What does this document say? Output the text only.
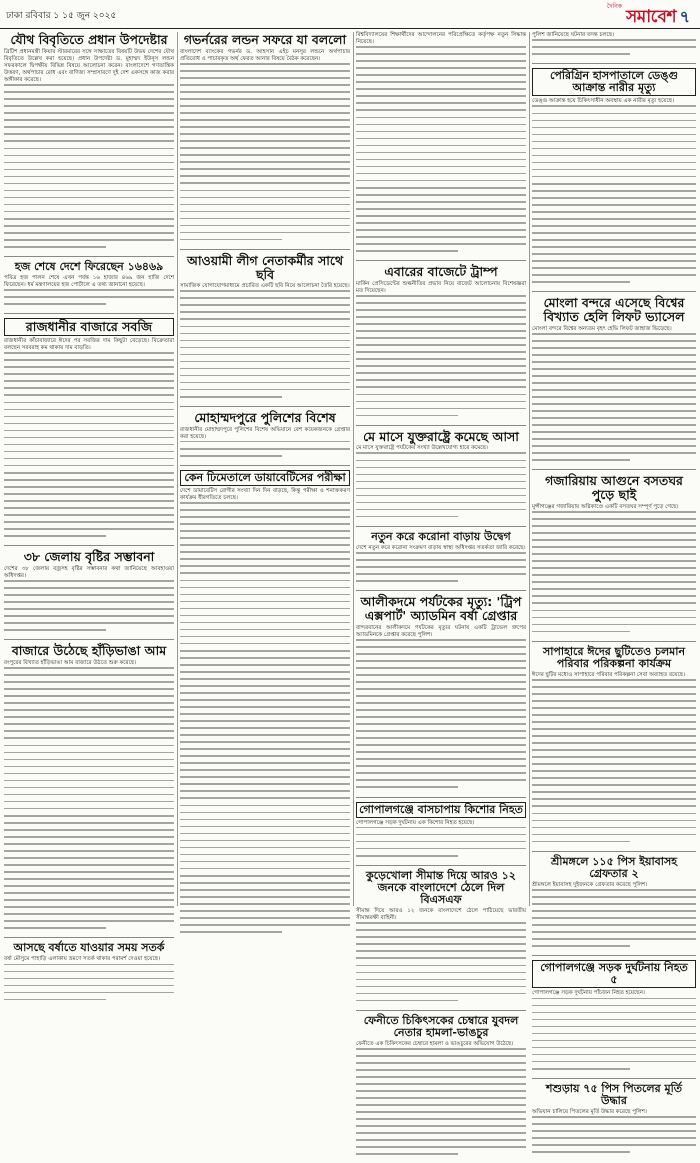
ঢাকা রবিবার ১ ১৫ জুন ২০২৫
দৈনিক
সমাবেশ ৭
যৌথ বিবৃতিতে প্রধান উপদেষ্টার
ব্রিটিশ প্রধানমন্ত্রী কিয়ার স্টারমারের সঙ্গে সাক্ষাতের বিষয়টি উভয় দেশের যৌথ বিবৃতিতে উল্লেখ করা হয়েছে। প্রধান উপদেষ্টা ড. মুহাম্মদ ইউনূস লন্ডন সফরকালে দ্বিপক্ষীয় বিভিন্ন বিষয়ে আলোচনা করেন। বাংলাদেশে গণতান্ত্রিক উত্তরণ, অর্থপাচার রোধ এবং বাণিজ্য সম্প্রসারণে দুই দেশ একসঙ্গে কাজ করার অঙ্গীকার করেছে।
হজ শেষে দেশে ফিরেছেন ১৬৪৬৯
পবিত্র হজ পালন শেষে এখন পর্যন্ত ১৬ হাজার ৪৬৯ জন হাজি দেশে ফিরেছেন। ধর্ম মন্ত্রণালয়ের হজ পোর্টালে এ তথ্য জানানো হয়েছে।
রাজধানীর বাজারে সবজি
রাজধানীর কাঁচাবাজারে ঈদের পর সবজির দাম কিছুটা বেড়েছে। বিক্রেতারা বলছেন সরবরাহ কম থাকায় দাম বাড়তি।
৩৮ জেলায় বৃষ্টির সম্ভাবনা
দেশের ৩৮ জেলায় বজ্রসহ বৃষ্টির সম্ভাবনার কথা জানিয়েছে আবহাওয়া অধিদপ্তর।
বাজারে উঠেছে হাঁড়িভাঙা আম
রংপুরের বিখ্যাত হাঁড়িভাঙা আম বাজারে উঠতে শুরু করেছে।
আসছে বর্ষাতে যাওয়ার সময় সতর্ক
বর্ষা মৌসুমে পাহাড়ি এলাকায় ভ্রমণে সতর্ক থাকার পরামর্শ দেওয়া হয়েছে।
গভর্নরের লন্ডন সফরে যা বললো
বাংলাদেশ ব্যাংকের গভর্নর ড. আহসান এইচ মনসুর লন্ডনে অর্থপাচার প্রতিরোধ ও পাচারকৃত অর্থ ফেরত আনার বিষয়ে বৈঠক করেছেন।
আওয়ামী লীগ নেতাকর্মীর সাথে ছবি
সামাজিক যোগাযোগমাধ্যমে প্রচারিত একটি ছবি নিয়ে আলোচনা তৈরি হয়েছে।
মোহাম্মদপুরে পুলিশের বিশেষ
রাজধানীর মোহাম্মদপুরে পুলিশের বিশেষ অভিযানে বেশ কয়েকজনকে গ্রেপ্তার করা হয়েছে।
কেন ঢিমেতালে ডায়াবেটিসের পরীক্ষা
দেশে ডায়াবেটিস রোগীর সংখ্যা দিন দিন বাড়ছে, কিন্তু পরীক্ষা ও শনাক্তকরণ কার্যক্রম ধীরগতিতে চলছে।
বিশ্ববিদ্যালয়ের শিক্ষার্থীদের আন্দোলনের পরিপ্রেক্ষিতে কর্তৃপক্ষ নতুন সিদ্ধান্ত নিয়েছে।
এবারের বাজেটে ট্রাম্প
মার্কিন প্রেসিডেন্টের শুল্কনীতির প্রভাব নিয়ে বাজেট আলোচনায় বিশেষজ্ঞরা মত দিয়েছেন।
মে মাসে যুক্তরাষ্ট্রে কমেছে আসা
মে মাসে যুক্তরাষ্ট্রে পর্যটকের সংখ্যা উল্লেখযোগ্য হারে কমেছে।
নতুন করে করোনা বাড়ায় উদ্বেগ
দেশে নতুন করে করোনা সংক্রমণ বাড়ায় স্বাস্থ্য অধিদপ্তর সতর্কতা জারি করেছে।
আলীকদমে পর্যটকের মৃত্যু: 'ট্রিপ এক্সপার্ট' অ্যাডমিন বর্ষা গ্রেপ্তার
বান্দরবানের আলীকদমে পর্যটকের মৃত্যুর ঘটনায় একটি ট্রাভেল গ্রুপের অ্যাডমিনকে গ্রেপ্তার করেছে পুলিশ।
গোপালগঞ্জে বাসচাপায় কিশোর নিহত
গোপালগঞ্জে সড়ক দুর্ঘটনায় এক কিশোর নিহত হয়েছে।
কুড়েখোলা সীমান্ত দিয়ে আরও ১২ জনকে বাংলাদেশে ঠেলে দিল বিএসএফ
সীমান্ত দিয়ে আরও ১২ জনকে বাংলাদেশে ঠেলে পাঠিয়েছে ভারতীয় সীমান্তরক্ষী বাহিনী।
ফেনীতে চিকিৎসকের চেম্বারে যুবদল নেতার হামলা-ভাঙচুর
ফেনীতে এক চিকিৎসকের চেম্বারে হামলা ও ভাঙচুরের অভিযোগ উঠেছে।
পুলিশ জানিয়েছে ঘটনার তদন্ত চলছে।
পেরিগ্রিন হাসপাতালে ডেঙ্গু আক্রান্ত নারীর মৃত্যু
ডেঙ্গু আক্রান্ত হয়ে চিকিৎসাধীন অবস্থায় এক নারীর মৃত্যু হয়েছে।
মোংলা বন্দরে এসেছে বিশ্বের বিখ্যাত হেলি লিফট ভ্যাসেল
মোংলা বন্দরে বিশ্বের অন্যতম বৃহৎ হেভি লিফট জাহাজ ভিড়েছে।
গজারিয়ায় আগুনে বসতঘর পুড়ে ছাই
মুন্সীগঞ্জের গজারিয়ায় অগ্নিকাণ্ডে একটি বসতঘর সম্পূর্ণ পুড়ে গেছে।
সাপাহারে ঈদের ছুটিতেও চলমান পরিবার পরিকল্পনা কার্যক্রম
ঈদের ছুটির মধ্যেও সাপাহারে পরিবার পরিকল্পনা সেবা অব্যাহত রয়েছে।
শ্রীমঙ্গলে ১১৫ পিস ইয়াবাসহ গ্রেফতার ২
শ্রীমঙ্গলে ইয়াবাসহ দুইজনকে গ্রেফতার করেছে পুলিশ।
গোপালগঞ্জে সড়ক দুর্ঘটনায় নিহত ৫
গোপালগঞ্জে সড়ক দুর্ঘটনায় পাঁচজন নিহত হয়েছেন।
শশুড়ায় ৭৫ পিস পিতলের মূর্তি উদ্ধার
অভিযান চালিয়ে পিতলের মূর্তি উদ্ধার করেছে পুলিশ।
